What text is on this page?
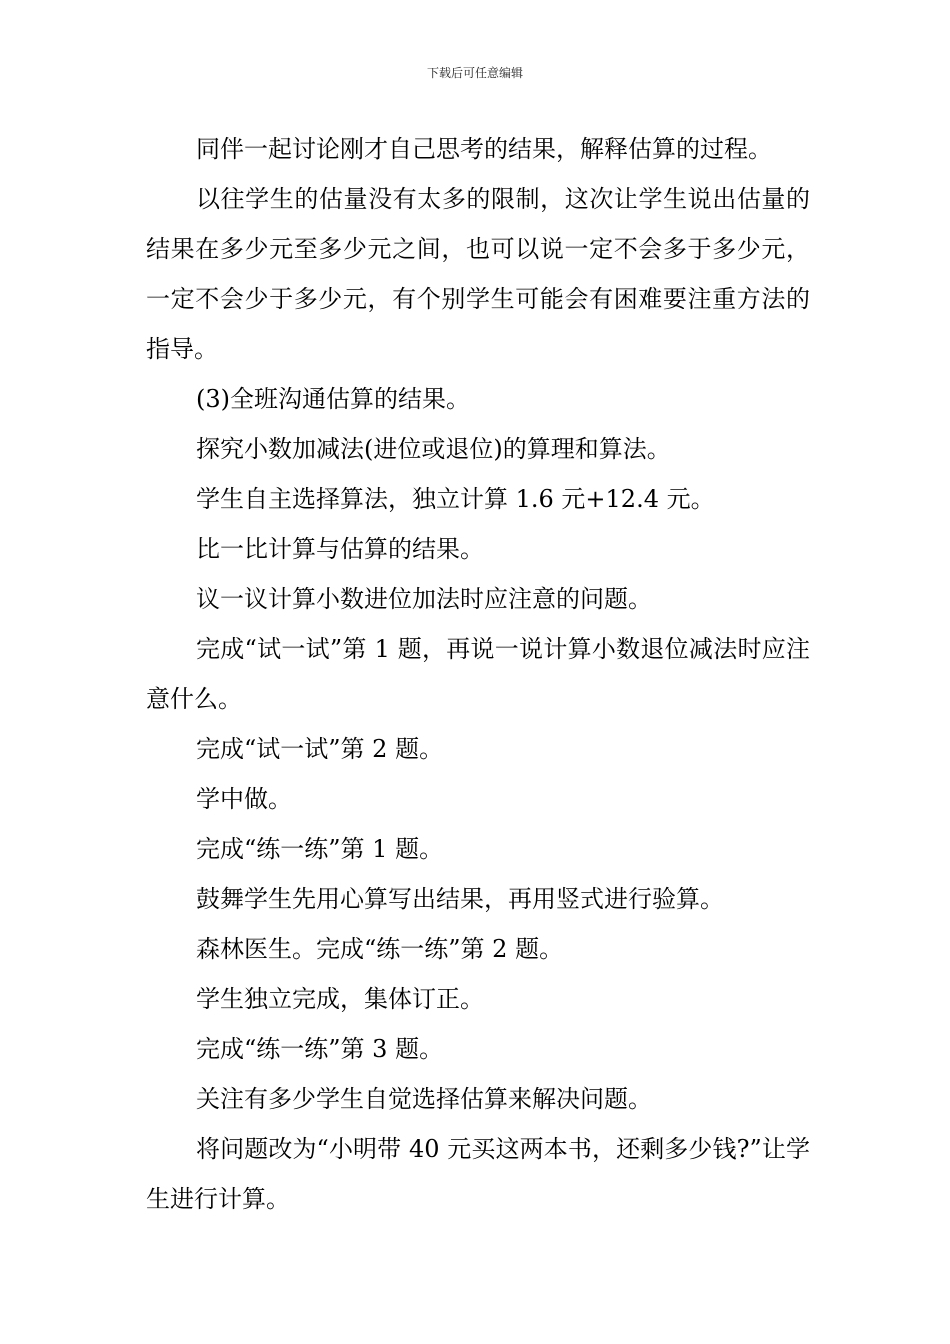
下载后可任意编辑

同伴一起讨论刚才自己思考的结果，解释估算的过程。

以往学生的估量没有太多的限制，这次让学生说出估量的结果在多少元至多少元之间，也可以说一定不会多于多少元，一定不会少于多少元，有个别学生可能会有困难要注重方法的指导。

(3)全班沟通估算的结果。

探究小数加减法(进位或退位)的算理和算法。

学生自主选择算法，独立计算 1.6 元+12.4 元。

比一比计算与估算的结果。

议一议计算小数进位加法时应注意的问题。

完成“试一试”第 1 题，再说一说计算小数退位减法时应注意什么。

完成“试一试”第 2 题。

学中做。

完成“练一练”第 1 题。

鼓舞学生先用心算写出结果，再用竖式进行验算。

森林医生。完成“练一练”第 2 题。

学生独立完成，集体订正。

完成“练一练”第 3 题。

关注有多少学生自觉选择估算来解决问题。

将问题改为“小明带 40 元买这两本书，还剩多少钱?”让学生进行计算。
